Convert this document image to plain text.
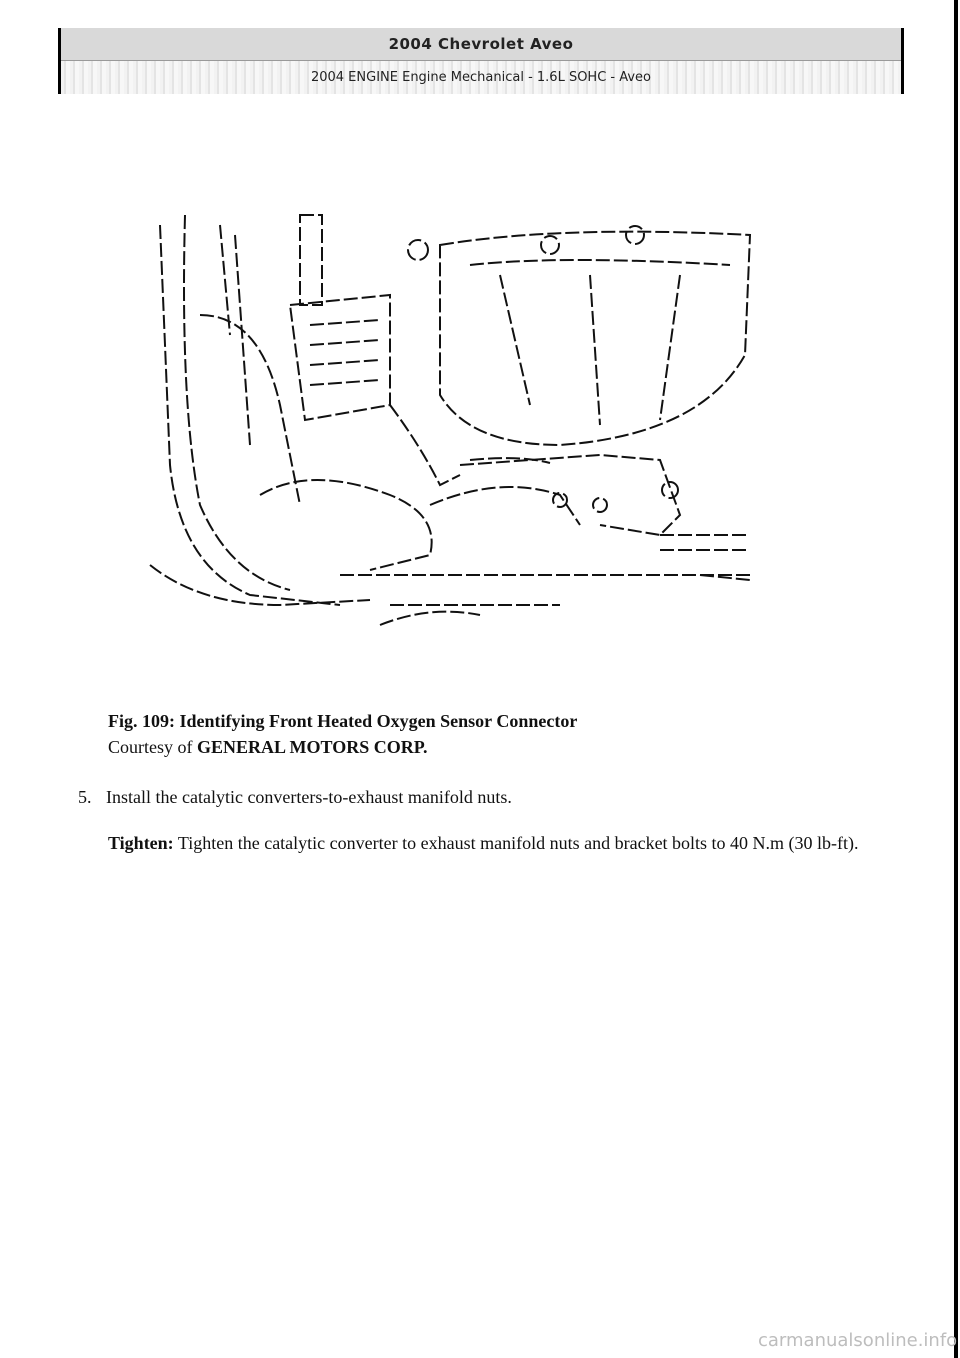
2004 Chevrolet Aveo
2004 ENGINE Engine Mechanical - 1.6L SOHC - Aveo
Fig. 109: Identifying Front Heated Oxygen Sensor Connector
Courtesy of GENERAL MOTORS CORP.
5. Install the catalytic converters-to-exhaust manifold nuts.
Tighten: Tighten the catalytic converter to exhaust manifold nuts and bracket bolts to 40 N.m (30 lb-ft).
carmanualsonline.info
